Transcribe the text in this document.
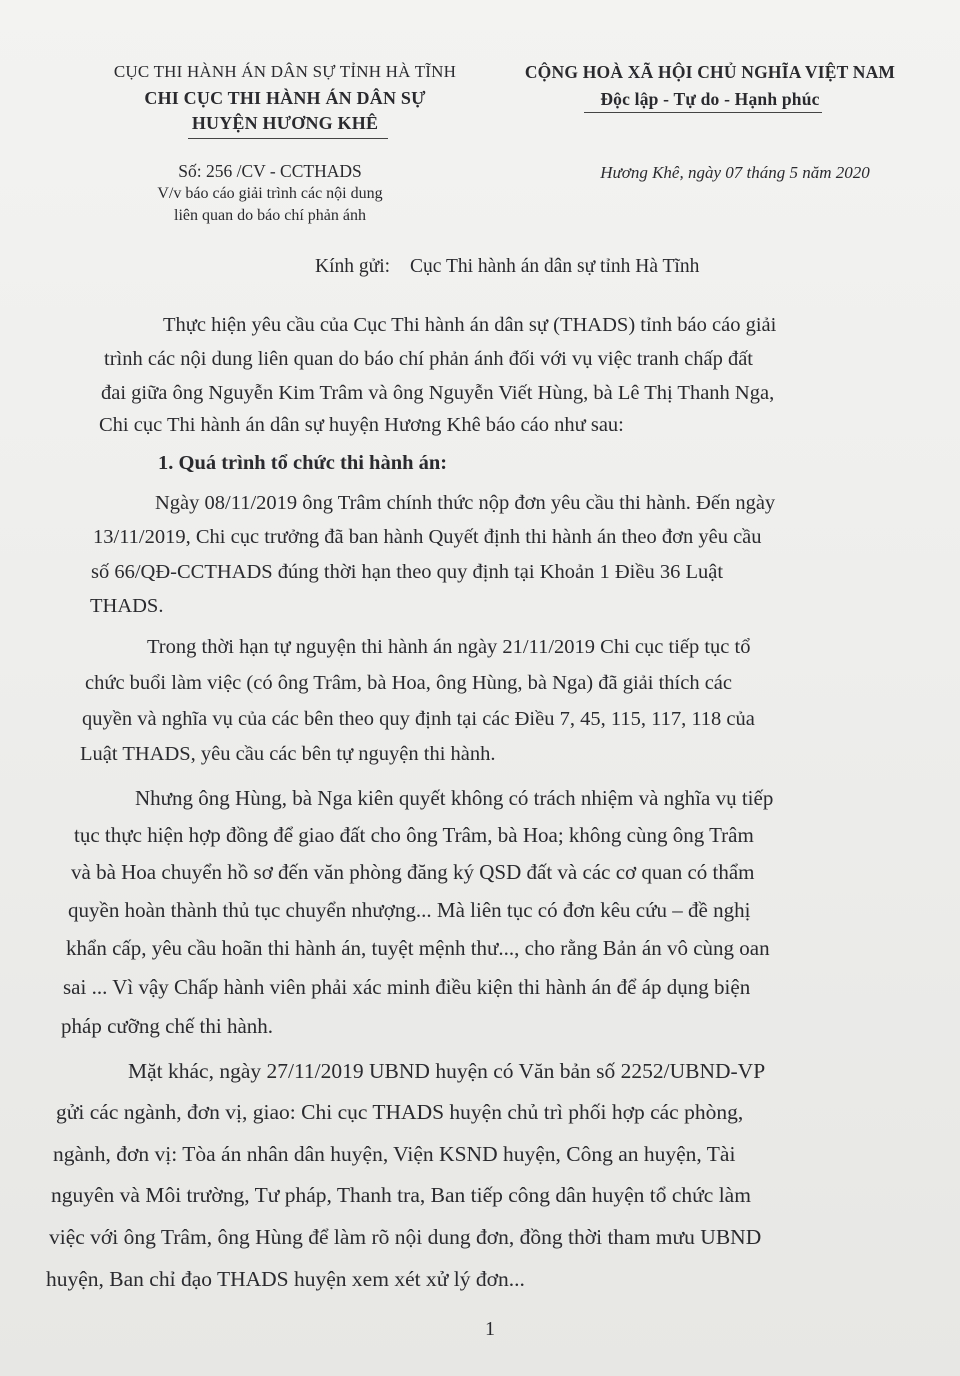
CỤC THI HÀNH ÁN DÂN SỰ TỈNH HÀ TĨNH
CHI CỤC THI HÀNH ÁN DÂN SỰ
HUYỆN HƯƠNG KHÊ
CỘNG HOÀ XÃ HỘI CHỦ NGHĨA VIỆT NAM
Độc lập - Tự do - Hạnh phúc
Số: 256 /CV - CCTHADS
V/v báo cáo giải trình các nội dung
liên quan do báo chí phản ánh
Hương Khê, ngày 07 tháng 5 năm 2020
Kính gửi: Cục Thi hành án dân sự tỉnh Hà Tĩnh
Thực hiện yêu cầu của Cục Thi hành án dân sự (THADS) tỉnh báo cáo giải
trình các nội dung liên quan do báo chí phản ánh đối với vụ việc tranh chấp đất
đai giữa ông Nguyễn Kim Trâm và ông Nguyễn Viết Hùng, bà Lê Thị Thanh Nga,
Chi cục Thi hành án dân sự huyện Hương Khê báo cáo như sau:
1. Quá trình tổ chức thi hành án:
Ngày 08/11/2019 ông Trâm chính thức nộp đơn yêu cầu thi hành. Đến ngày
13/11/2019, Chi cục trưởng đã ban hành Quyết định thi hành án theo đơn yêu cầu
số 66/QĐ-CCTHADS đúng thời hạn theo quy định tại Khoản 1 Điều 36 Luật
THADS.
Trong thời hạn tự nguyện thi hành án ngày 21/11/2019 Chi cục tiếp tục tổ
chức buổi làm việc (có ông Trâm, bà Hoa, ông Hùng, bà Nga) đã giải thích các
quyền và nghĩa vụ của các bên theo quy định tại các Điều 7, 45, 115, 117, 118 của
Luật THADS, yêu cầu các bên tự nguyện thi hành.
Nhưng ông Hùng, bà Nga kiên quyết không có trách nhiệm và nghĩa vụ tiếp
tục thực hiện hợp đồng để giao đất cho ông Trâm, bà Hoa; không cùng ông Trâm
và bà Hoa chuyển hồ sơ đến văn phòng đăng ký QSD đất và các cơ quan có thẩm
quyền hoàn thành thủ tục chuyển nhượng... Mà liên tục có đơn kêu cứu – đề nghị
khẩn cấp, yêu cầu hoãn thi hành án, tuyệt mệnh thư..., cho rằng Bản án vô cùng oan
sai ... Vì vậy Chấp hành viên phải xác minh điều kiện thi hành án để áp dụng biện
pháp cưỡng chế thi hành.
Mặt khác, ngày 27/11/2019 UBND huyện có Văn bản số 2252/UBND-VP
gửi các ngành, đơn vị, giao: Chi cục THADS huyện chủ trì phối hợp các phòng,
ngành, đơn vị: Tòa án nhân dân huyện, Viện KSND huyện, Công an huyện, Tài
nguyên và Môi trường, Tư pháp, Thanh tra, Ban tiếp công dân huyện tổ chức làm
việc với ông Trâm, ông Hùng để làm rõ nội dung đơn, đồng thời tham mưu UBND
huyện, Ban chỉ đạo THADS huyện xem xét xử lý đơn...
1
